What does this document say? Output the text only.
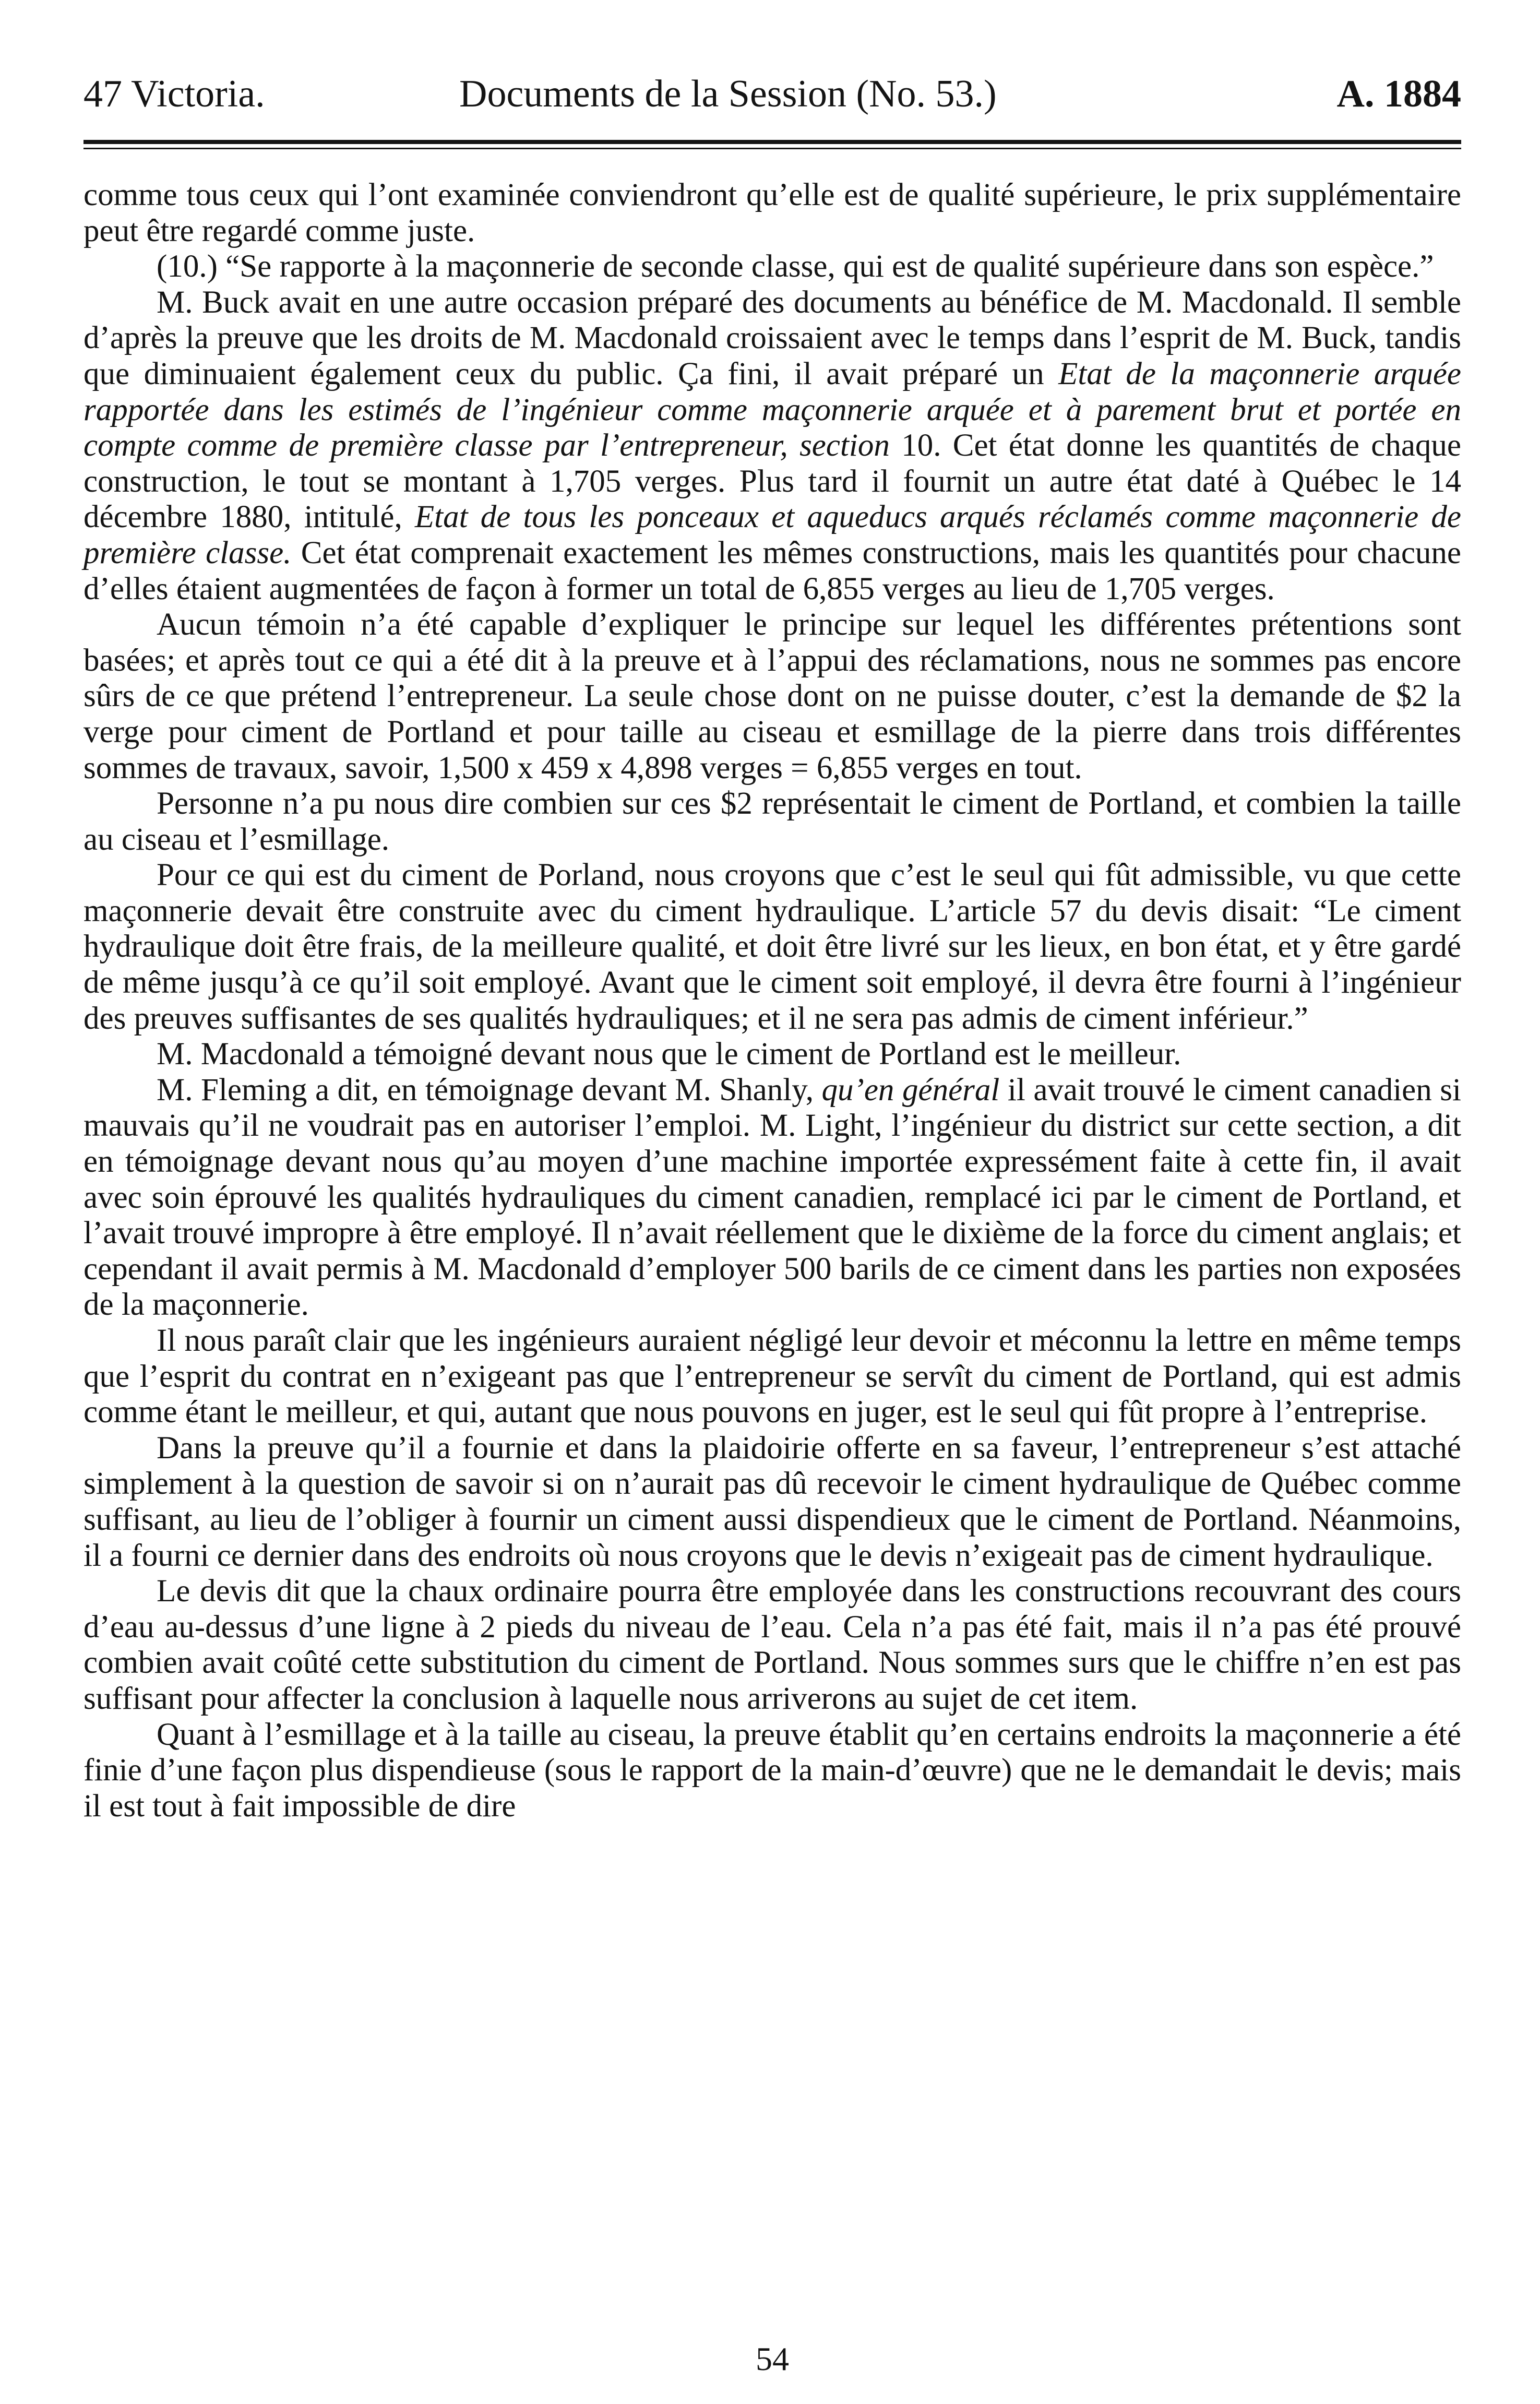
47 Victoria.	Documents de la Session (No. 53.)	A. 1884

comme tous ceux qui l’ont examinée conviendront qu’elle est de qualité supérieure, le prix supplémentaire peut être regardé comme juste.

(10.) “Se rapporte à la maçonnerie de seconde classe, qui est de qualité supérieure dans son espèce.”

M. Buck avait en une autre occasion préparé des documents au bénéfice de M. Macdonald. Il semble d’après la preuve que les droits de M. Macdonald croissaient avec le temps dans l’esprit de M. Buck, tandis que diminuaient également ceux du public. Ça fini, il avait préparé un Etat de la maçonnerie arquée rapportée dans les estimés de l’ingénieur comme maçonnerie arquée et à parement brut et portée en compte comme de première classe par l’entrepreneur, section 10. Cet état donne les quantités de chaque construction, le tout se montant à 1,705 verges. Plus tard il fournit un autre état daté à Québec le 14 décembre 1880, intitulé, Etat de tous les ponceaux et aqueducs arqués réclamés comme maçonnerie de première classe. Cet état comprenait exactement les mêmes constructions, mais les quantités pour chacune d’elles étaient augmentées de façon à former un total de 6,855 verges au lieu de 1,705 verges.

Aucun témoin n’a été capable d’expliquer le principe sur lequel les différentes prétentions sont basées; et après tout ce qui a été dit à la preuve et à l’appui des réclamations, nous ne sommes pas encore sûrs de ce que prétend l’entrepreneur. La seule chose dont on ne puisse douter, c’est la demande de $2 la verge pour ciment de Portland et pour taille au ciseau et esmillage de la pierre dans trois différentes sommes de travaux, savoir, 1,500 x 459 x 4,898 verges = 6,855 verges en tout.

Personne n’a pu nous dire combien sur ces $2 représentait le ciment de Portland, et combien la taille au ciseau et l’esmillage.

Pour ce qui est du ciment de Porland, nous croyons que c’est le seul qui fût admissible, vu que cette maçonnerie devait être construite avec du ciment hydraulique. L’article 57 du devis disait: “Le ciment hydraulique doit être frais, de la meilleure qualité, et doit être livré sur les lieux, en bon état, et y être gardé de même jusqu’à ce qu’il soit employé. Avant que le ciment soit employé, il devra être fourni à l’ingénieur des preuves suffisantes de ses qualités hydrauliques; et il ne sera pas admis de ciment inférieur.”

M. Macdonald a témoigné devant nous que le ciment de Portland est le meilleur.

M. Fleming a dit, en témoignage devant M. Shanly, qu’en général il avait trouvé le ciment canadien si mauvais qu’il ne voudrait pas en autoriser l’emploi. M. Light, l’ingénieur du district sur cette section, a dit en témoignage devant nous qu’au moyen d’une machine importée expressément faite à cette fin, il avait avec soin éprouvé les qualités hydrauliques du ciment canadien, remplacé ici par le ciment de Portland, et l’avait trouvé impropre à être employé. Il n’avait réellement que le dixième de la force du ciment anglais; et cependant il avait permis à M. Macdonald d’employer 500 barils de ce ciment dans les parties non exposées de la maçonnerie.

Il nous paraît clair que les ingénieurs auraient négligé leur devoir et méconnu la lettre en même temps que l’esprit du contrat en n’exigeant pas que l’entrepreneur se servît du ciment de Portland, qui est admis comme étant le meilleur, et qui, autant que nous pouvons en juger, est le seul qui fût propre à l’entreprise.

Dans la preuve qu’il a fournie et dans la plaidoirie offerte en sa faveur, l’entrepreneur s’est attaché simplement à la question de savoir si on n’aurait pas dû recevoir le ciment hydraulique de Québec comme suffisant, au lieu de l’obliger à fournir un ciment aussi dispendieux que le ciment de Portland. Néanmoins, il a fourni ce dernier dans des endroits où nous croyons que le devis n’exigeait pas de ciment hydraulique.

Le devis dit que la chaux ordinaire pourra être employée dans les constructions recouvrant des cours d’eau au-dessus d’une ligne à 2 pieds du niveau de l’eau. Cela n’a pas été fait, mais il n’a pas été prouvé combien avait coûté cette substitution du ciment de Portland. Nous sommes surs que le chiffre n’en est pas suffisant pour affecter la conclusion à laquelle nous arriverons au sujet de cet item.

Quant à l’esmillage et à la taille au ciseau, la preuve établit qu’en certains endroits la maçonnerie a été finie d’une façon plus dispendieuse (sous le rapport de la main-d’œuvre) que ne le demandait le devis; mais il est tout à fait impossible de dire

54
